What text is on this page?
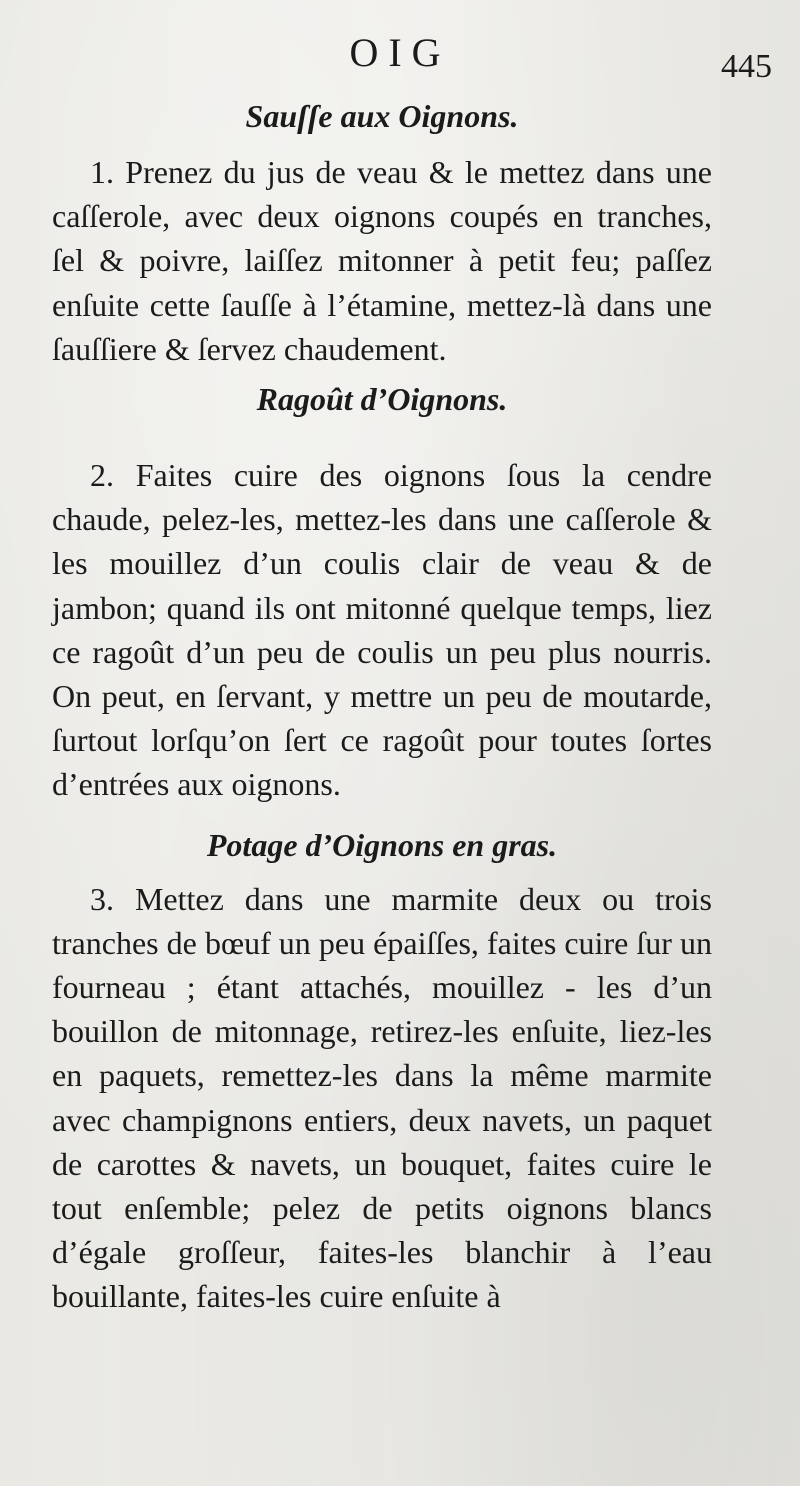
OIG	445
Sauſſe aux Oignons.

1. Prenez du jus de veau & le mettez dans une caſſerole, avec deux oignons coupés en tranches, ſel & poivre, laiſſez mitonner à petit feu; paſſez enſuite cette ſauſſe à l’étamine, mettez-là dans une ſauſſiere & ſervez chaudement.

Ragoût d’Oignons.

2. Faites cuire des oignons ſous la cendre chaude, pelez-les, mettez-les dans une caſſerole & les mouillez d’un coulis clair de veau & de jambon; quand ils ont mitonné quelque temps, liez ce ragoût d’un peu de coulis un peu plus nourris. On peut, en ſervant, y mettre un peu de moutarde, ſurtout lorſqu’on ſert ce ragoût pour toutes ſortes d’entrées aux oignons.

Potage d’Oignons en gras.

3. Mettez dans une marmite deux ou trois tranches de bœuf un peu épaiſſes, faites cuire ſur un fourneau ; étant attachés, mouillez - les d’un bouillon de mitonnage, retirez-les enſuite, liez-les en paquets, remettez-les dans la même marmite avec champignons entiers, deux navets, un paquet de carottes & navets, un bouquet, faites cuire le tout enſemble; pelez de petits oignons blancs d’égale groſſeur, faites-les blanchir à l’eau bouillante, faites-les cuire enſuite à
